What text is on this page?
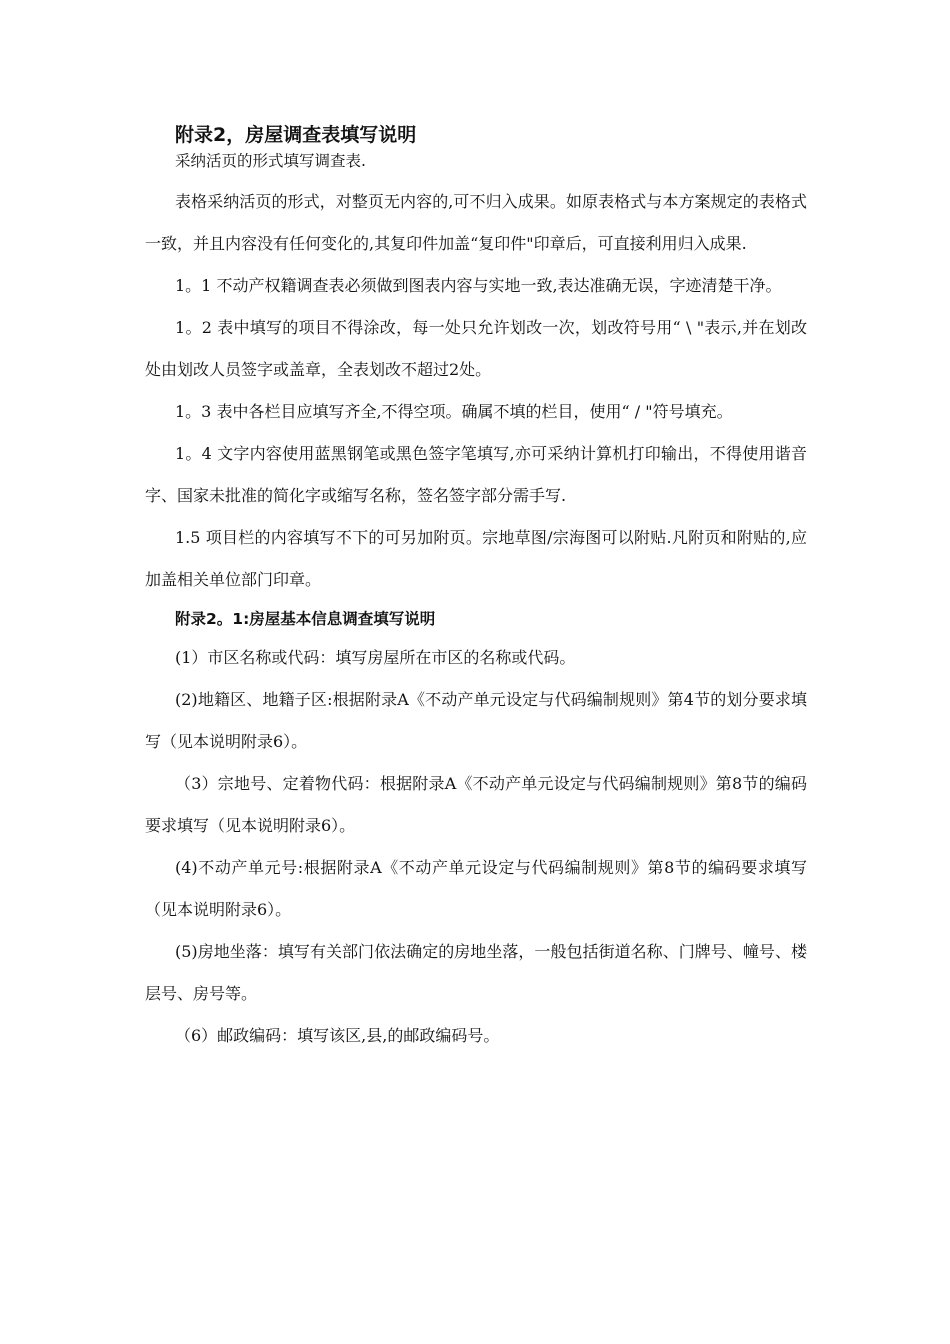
附录2，房屋调查表填写说明

采纳活页的形式填写调查表.

表格采纳活页的形式，对整页无内容的,可不归入成果。如原表格式与本方案规定的表格式一致，并且内容没有任何变化的,其复印件加盖“复印件"印章后，可直接利用归入成果.

1。1 不动产权籍调查表必须做到图表内容与实地一致,表达准确无误，字迹清楚干净。

1。2 表中填写的项目不得涂改，每一处只允许划改一次，划改符号用“ \ "表示,并在划改处由划改人员签字或盖章，全表划改不超过2处。

1。3 表中各栏目应填写齐全,不得空项。确属不填的栏目，使用“ / "符号填充。

1。4 文字内容使用蓝黑钢笔或黑色签字笔填写,亦可采纳计算机打印输出，不得使用谐音字、国家未批准的简化字或缩写名称，签名签字部分需手写.

1.5 项目栏的内容填写不下的可另加附页。宗地草图/宗海图可以附贴.凡附页和附贴的,应加盖相关单位部门印章。

附录2。1:房屋基本信息调查填写说明

(1）市区名称或代码：填写房屋所在市区的名称或代码。

(2)地籍区、地籍子区:根据附录A《不动产单元设定与代码编制规则》第4节的划分要求填写（见本说明附录6）。

（3）宗地号、定着物代码：根据附录A《不动产单元设定与代码编制规则》第8节的编码要求填写（见本说明附录6）。

(4)不动产单元号:根据附录A《不动产单元设定与代码编制规则》第8节的编码要求填写（见本说明附录6）。

(5)房地坐落：填写有关部门依法确定的房地坐落，一般包括街道名称、门牌号、幢号、楼层号、房号等。

（6）邮政编码：填写该区,县,的邮政编码号。
